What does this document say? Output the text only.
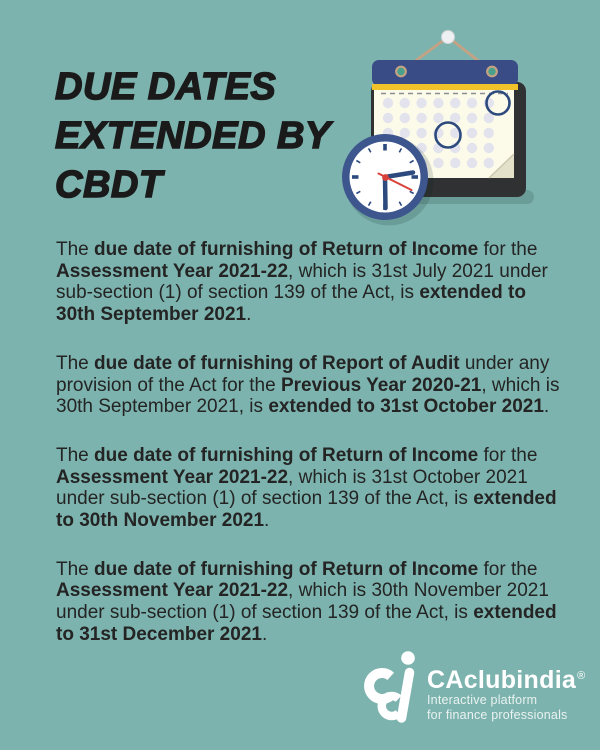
DUE DATES
EXTENDED BY
CBDT

The due date of furnishing of Return of Income for the Assessment Year 2021-22, which is 31st July 2021 under sub-section (1) of section 139 of the Act, is extended to 30th September 2021.

The due date of furnishing of Report of Audit under any provision of the Act for the Previous Year 2020-21, which is 30th September 2021, is extended to 31st October 2021.

The due date of furnishing of Return of Income for the Assessment Year 2021-22, which is 31st October 2021 under sub-section (1) of section 139 of the Act, is extended to 30th November 2021.

The due date of furnishing of Return of Income for the Assessment Year 2021-22, which is 30th November 2021 under sub-section (1) of section 139 of the Act, is extended to 31st December 2021.

CAclubindia®
Interactive platform
for finance professionals
